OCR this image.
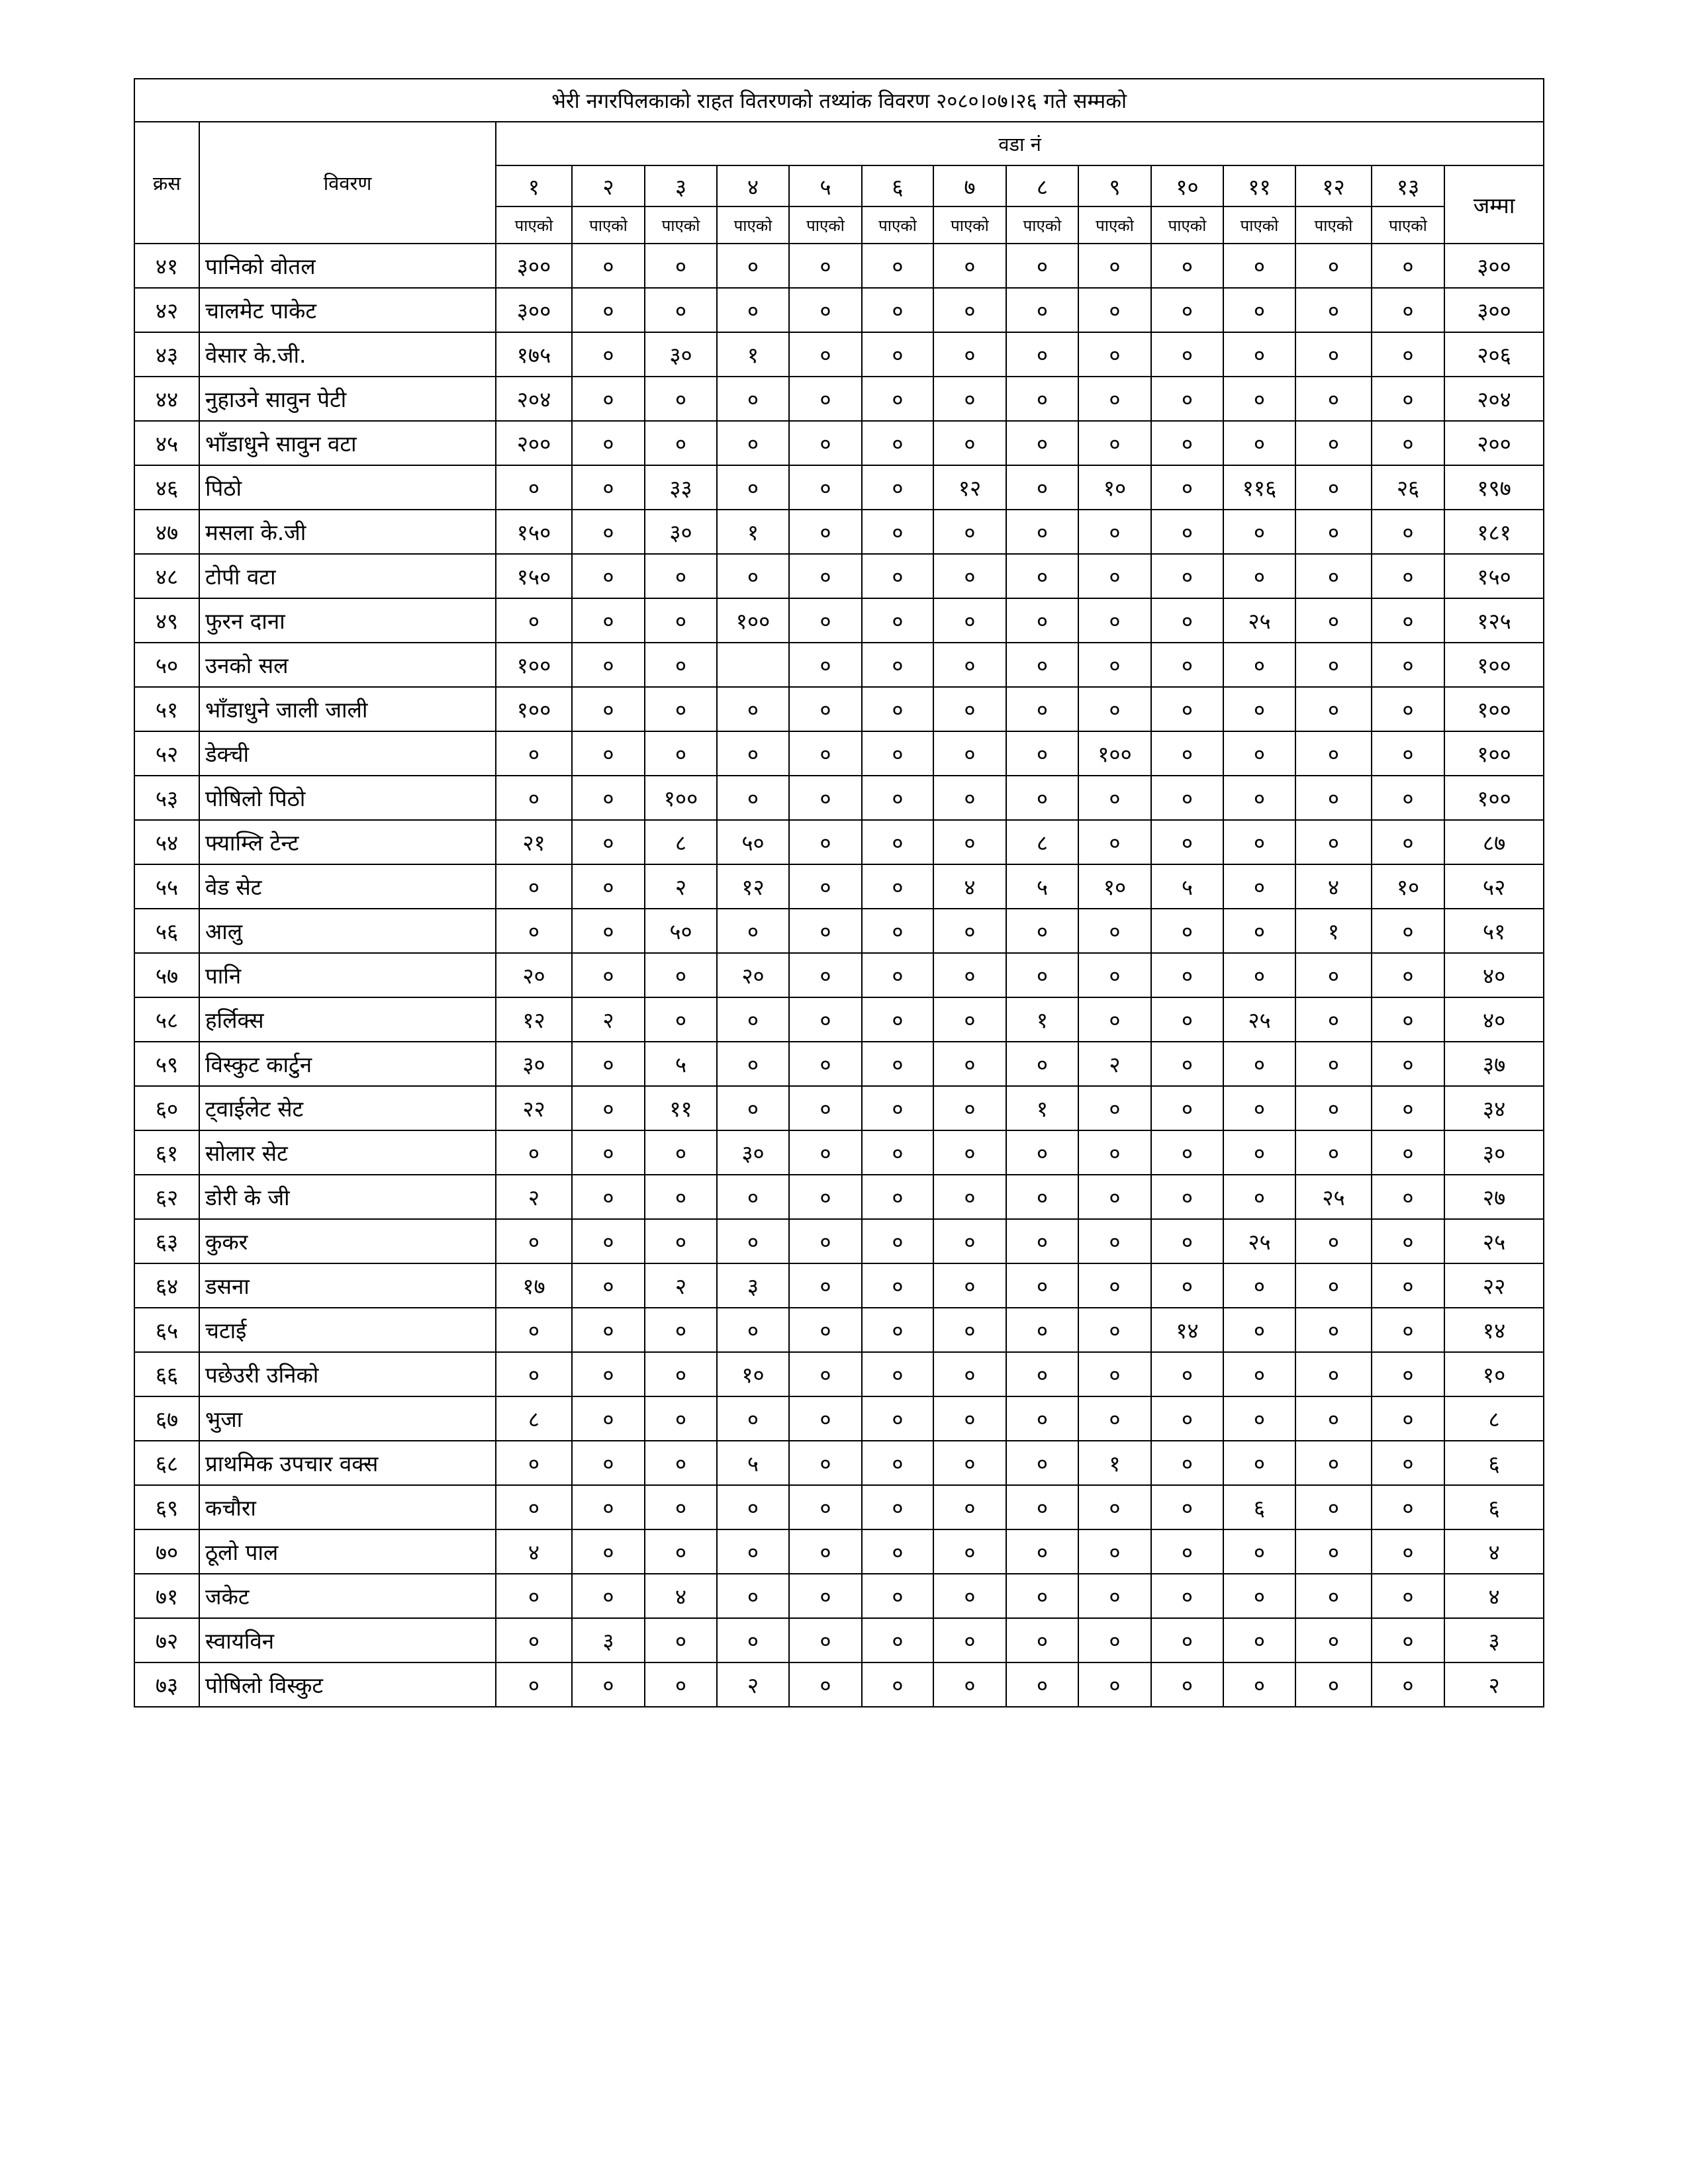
भेरी नगरपिलकाको राहत वितरणको तथ्यांक विवरण २०८०।०७।२६ गते सम्मको															
क्रस	विवरण	वडा नं													
		१	२	३	४	५	६	७	८	९	१०	११	१२	१३	जम्मा
		पाएको	पाएको	पाएको	पाएको	पाएको	पाएको	पाएको	पाएको	पाएको	पाएको	पाएको	पाएको	पाएको	
४१	पानिको वोतल	३००	०	०	०	०	०	०	०	०	०	०	०	०	३००
४२	चालमेट पाकेट	३००	०	०	०	०	०	०	०	०	०	०	०	०	३००
४३	वेसार के.जी.	१७५	०	३०	१	०	०	०	०	०	०	०	०	०	२०६
४४	नुहाउने सावुन पेटी	२०४	०	०	०	०	०	०	०	०	०	०	०	०	२०४
४५	भाँडाधुने सावुन वटा	२००	०	०	०	०	०	०	०	०	०	०	०	०	२००
४६	पिठो	०	०	३३	०	०	०	१२	०	१०	०	११६	०	२६	१९७
४७	मसला के.जी	१५०	०	३०	१	०	०	०	०	०	०	०	०	०	१८१
४८	टोपी वटा	१५०	०	०	०	०	०	०	०	०	०	०	०	०	१५०
४९	फुरन दाना	०	०	०	१००	०	०	०	०	०	०	२५	०	०	१२५
५०	उनको सल	१००	०	०		०	०	०	०	०	०	०	०	०	१००
५१	भाँडाधुने जाली जाली	१००	०	०	०	०	०	०	०	०	०	०	०	०	१००
५२	डेक्ची	०	०	०	०	०	०	०	०	१००	०	०	०	०	१००
५३	पोषिलो पिठो	०	०	१००	०	०	०	०	०	०	०	०	०	०	१००
५४	फ्याम्लि टेन्ट	२१	०	८	५०	०	०	०	८	०	०	०	०	०	८७
५५	वेड सेट	०	०	२	१२	०	०	४	५	१०	५	०	४	१०	५२
५६	आलु	०	०	५०	०	०	०	०	०	०	०	०	१	०	५१
५७	पानि	२०	०	०	२०	०	०	०	०	०	०	०	०	०	४०
५८	हर्लिक्स	१२	२	०	०	०	०	०	१	०	०	२५	०	०	४०
५९	विस्कुट कार्टुन	३०	०	५	०	०	०	०	०	२	०	०	०	०	३७
६०	ट्वाईलेट सेट	२२	०	११	०	०	०	०	१	०	०	०	०	०	३४
६१	सोलार सेट	०	०	०	३०	०	०	०	०	०	०	०	०	०	३०
६२	डोरी के जी	२	०	०	०	०	०	०	०	०	०	०	२५	०	२७
६३	कुकर	०	०	०	०	०	०	०	०	०	०	२५	०	०	२५
६४	डसना	१७	०	२	३	०	०	०	०	०	०	०	०	०	२२
६५	चटाई	०	०	०	०	०	०	०	०	०	१४	०	०	०	१४
६६	पछेउरी उनिको	०	०	०	१०	०	०	०	०	०	०	०	०	०	१०
६७	भुजा	८	०	०	०	०	०	०	०	०	०	०	०	०	८
६८	प्राथमिक उपचार वक्स	०	०	०	५	०	०	०	०	१	०	०	०	०	६
६९	कचौरा	०	०	०	०	०	०	०	०	०	०	६	०	०	६
७०	ठूलो पाल	४	०	०	०	०	०	०	०	०	०	०	०	०	४
७१	जकेट	०	०	४	०	०	०	०	०	०	०	०	०	०	४
७२	स्वायविन	०	३	०	०	०	०	०	०	०	०	०	०	०	३
७३	पोषिलो विस्कुट	०	०	०	२	०	०	०	०	०	०	०	०	०	२
